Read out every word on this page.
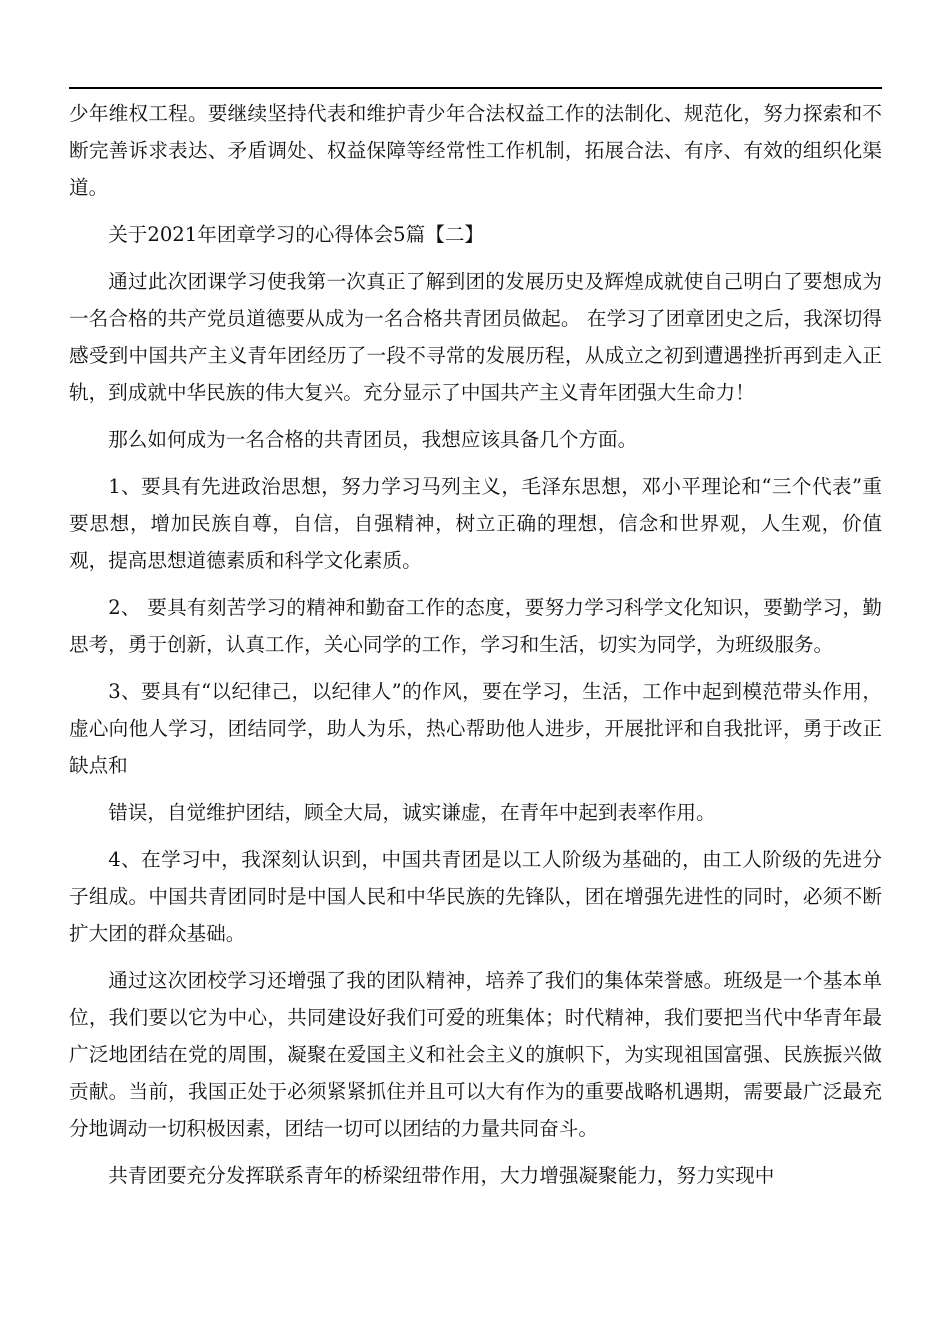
少年维权工程。要继续坚持代表和维护青少年合法权益工作的法制化、规范化，努力探索和不断完善诉求表达、矛盾调处、权益保障等经常性工作机制，拓展合法、有序、有效的组织化渠道。

关于2021年团章学习的心得体会5篇【二】

通过此次团课学习使我第一次真正了解到团的发展历史及辉煌成就使自己明白了要想成为一名合格的共产党员道德要从成为一名合格共青团员做起。 在学习了团章团史之后，我深切得感受到中国共产主义青年团经历了一段不寻常的发展历程，从成立之初到遭遇挫折再到走入正轨，到成就中华民族的伟大复兴。充分显示了中国共产主义青年团强大生命力！

那么如何成为一名合格的共青团员，我想应该具备几个方面。

1、要具有先进政治思想，努力学习马列主义，毛泽东思想，邓小平理论和“三个代表”重要思想，增加民族自尊，自信，自强精神，树立正确的理想，信念和世界观，人生观，价值观，提高思想道德素质和科学文化素质。

2、 要具有刻苦学习的精神和勤奋工作的态度，要努力学习科学文化知识，要勤学习，勤思考，勇于创新，认真工作，关心同学的工作，学习和生活，切实为同学，为班级服务。

3、要具有“以纪律己，以纪律人”的作风，要在学习，生活，工作中起到模范带头作用，虚心向他人学习，团结同学，助人为乐，热心帮助他人进步，开展批评和自我批评，勇于改正缺点和

错误，自觉维护团结，顾全大局，诚实谦虚，在青年中起到表率作用。

4、在学习中，我深刻认识到，中国共青团是以工人阶级为基础的，由工人阶级的先进分子组成。中国共青团同时是中国人民和中华民族的先锋队，团在增强先进性的同时，必须不断扩大团的群众基础。

通过这次团校学习还增强了我的团队精神，培养了我们的集体荣誉感。班级是一个基本单位，我们要以它为中心，共同建设好我们可爱的班集体；时代精神，我们要把当代中华青年最广泛地团结在党的周围，凝聚在爱国主义和社会主义的旗帜下，为实现祖国富强、民族振兴做贡献。当前，我国正处于必须紧紧抓住并且可以大有作为的重要战略机遇期，需要最广泛最充分地调动一切积极因素，团结一切可以团结的力量共同奋斗。

共青团要充分发挥联系青年的桥梁纽带作用，大力增强凝聚能力，努力实现中
